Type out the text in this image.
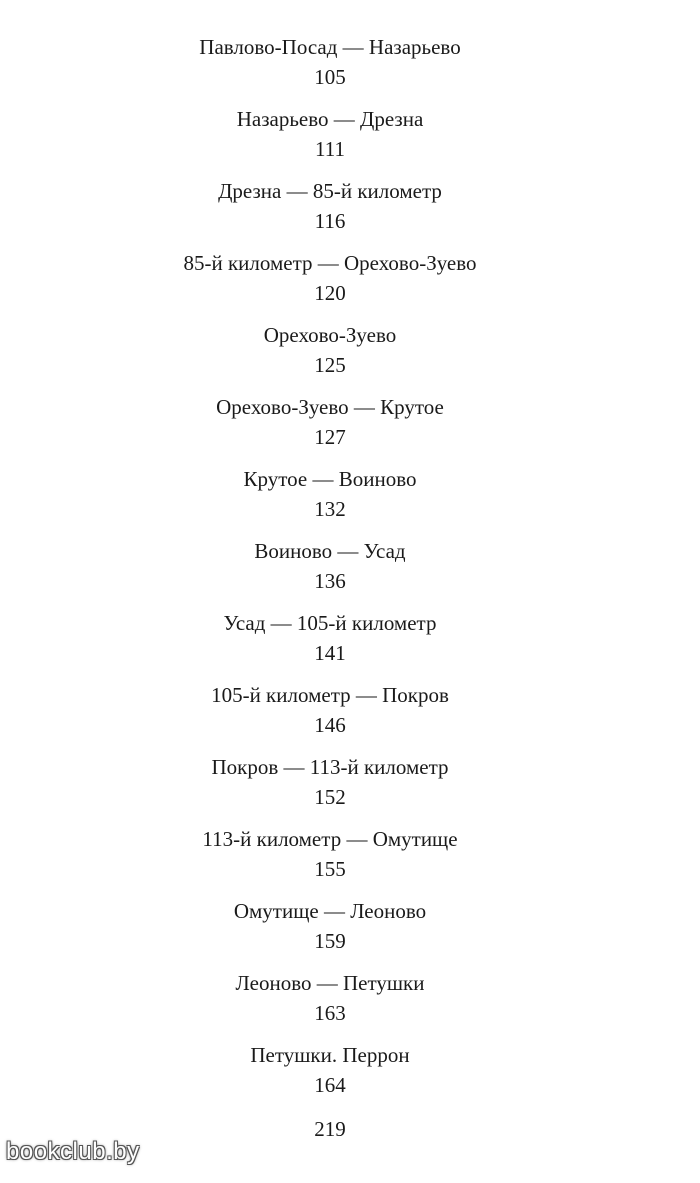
Павлово-Посад — Назарьево
105
Назарьево — Дрезна
111
Дрезна — 85-й километр
116
85-й километр — Орехово-Зуево
120
Орехово-Зуево
125
Орехово-Зуево — Крутое
127
Крутое — Воиново
132
Воиново — Усад
136
Усад — 105-й километр
141
105-й километр — Покров
146
Покров — 113-й километр
152
113-й километр — Омутище
155
Омутище — Леоново
159
Леоново — Петушки
163
Петушки. Перрон
164
219
bookclub.by
